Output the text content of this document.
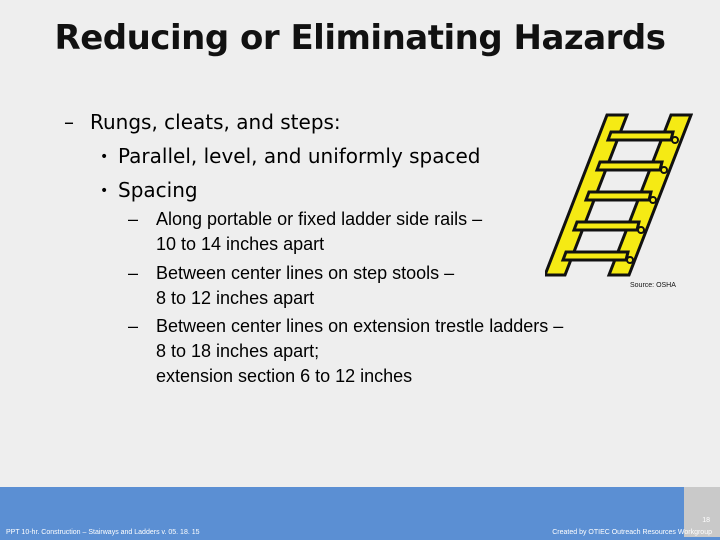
Reducing or Eliminating Hazards
– Rungs, cleats, and steps:
• Parallel, level, and uniformly spaced
• Spacing
– Along portable or fixed ladder side rails –
10 to 14 inches apart
– Between center lines on step stools –
8 to 12 inches apart
– Between center lines on extension trestle ladders –
8 to 18 inches apart;
extension section 6 to 12 inches
Source: OSHA
PPT 10-hr. Construction – Stairways and Ladders v. 05. 18. 15
18
Created by OTIEC Outreach Resources Workgroup
